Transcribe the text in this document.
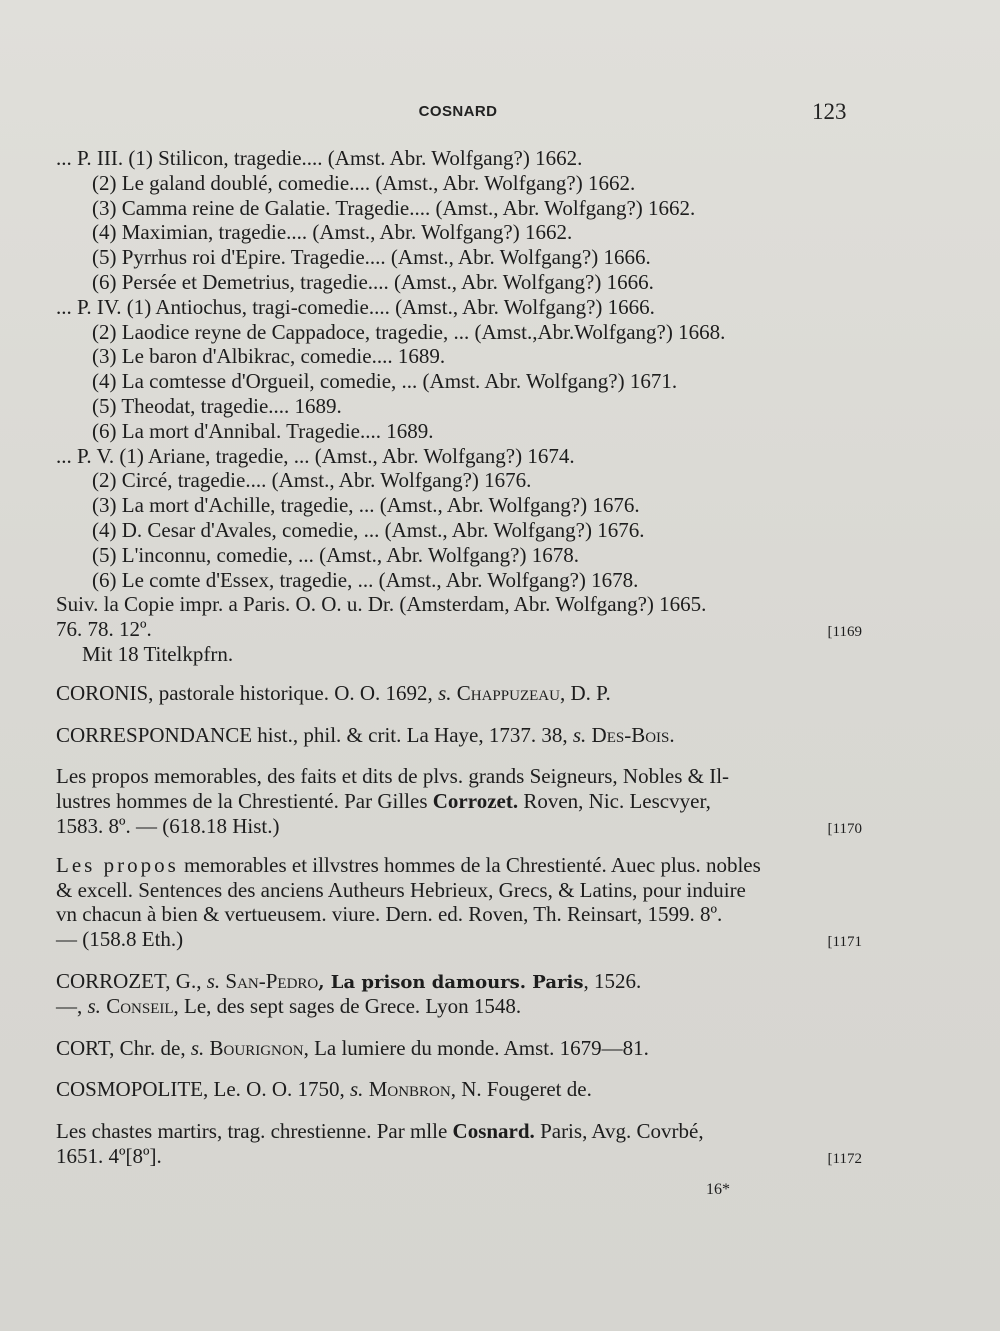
COSNARD	123
... P. III. (1) Stilicon, tragedie.... (Amst. Abr. Wolfgang?) 1662.
(2) Le galand doublé, comedie.... (Amst., Abr. Wolfgang?) 1662.
(3) Camma reine de Galatie. Tragedie.... (Amst., Abr. Wolfgang?) 1662.
(4) Maximian, tragedie.... (Amst., Abr. Wolfgang?) 1662.
(5) Pyrrhus roi d'Epire. Tragedie.... (Amst., Abr. Wolfgang?) 1666.
(6) Persée et Demetrius, tragedie.... (Amst., Abr. Wolfgang?) 1666.
... P. IV. (1) Antiochus, tragi-comedie.... (Amst., Abr. Wolfgang?) 1666.
(2) Laodice reyne de Cappadoce, tragedie, ... (Amst.,Abr.Wolfgang?) 1668.
(3) Le baron d'Albikrac, comedie.... 1689.
(4) La comtesse d'Orgueil, comedie, ... (Amst. Abr. Wolfgang?) 1671.
(5) Theodat, tragedie.... 1689.
(6) La mort d'Annibal. Tragedie.... 1689.
... P. V. (1) Ariane, tragedie, ... (Amst., Abr. Wolfgang?) 1674.
(2) Circé, tragedie.... (Amst., Abr. Wolfgang?) 1676.
(3) La mort d'Achille, tragedie, ... (Amst., Abr. Wolfgang?) 1676.
(4) D. Cesar d'Avales, comedie, ... (Amst., Abr. Wolfgang?) 1676.
(5) L'inconnu, comedie, ... (Amst., Abr. Wolfgang?) 1678.
(6) Le comte d'Essex, tragedie, ... (Amst., Abr. Wolfgang?) 1678.
Suiv. la Copie impr. a Paris. O. O. u. Dr. (Amsterdam, Abr. Wolfgang?) 1665.
76. 78. 12º.	[1169
Mit 18 Titelkpfrn.
CORONIS, pastorale historique. O. O. 1692, s. Chappuzeau, D. P.
CORRESPONDANCE hist., phil. & crit. La Haye, 1737. 38, s. Des-Bois.
Les propos memorables, des faits et dits de plvs. grands Seigneurs, Nobles & Il-
lustres hommes de la Chrestienté. Par Gilles Corrozet. Roven, Nic. Lescvyer,
1583. 8º. — (618.18 Hist.)	[1170
Les propos memorables et illvstres hommes de la Chrestienté. Auec plus. nobles
& excell. Sentences des anciens Autheurs Hebrieux, Grecs, & Latins, pour induire
vn chacun à bien & vertueusem. viure. Dern. ed. Roven, Th. Reinsart, 1599. 8º.
— (158.8 Eth.)	[1171
CORROZET, G., s. San-Pedro, La prison damours. Paris, 1526.
—, s. Conseil, Le, des sept sages de Grece. Lyon 1548.
CORT, Chr. de, s. Bourignon, La lumiere du monde. Amst. 1679—81.
COSMOPOLITE, Le. O. O. 1750, s. Monbron, N. Fougeret de.
Les chastes martirs, trag. chrestienne. Par mlle Cosnard. Paris, Avg. Covrbé,
1651. 4º[8º].	[1172
16*
